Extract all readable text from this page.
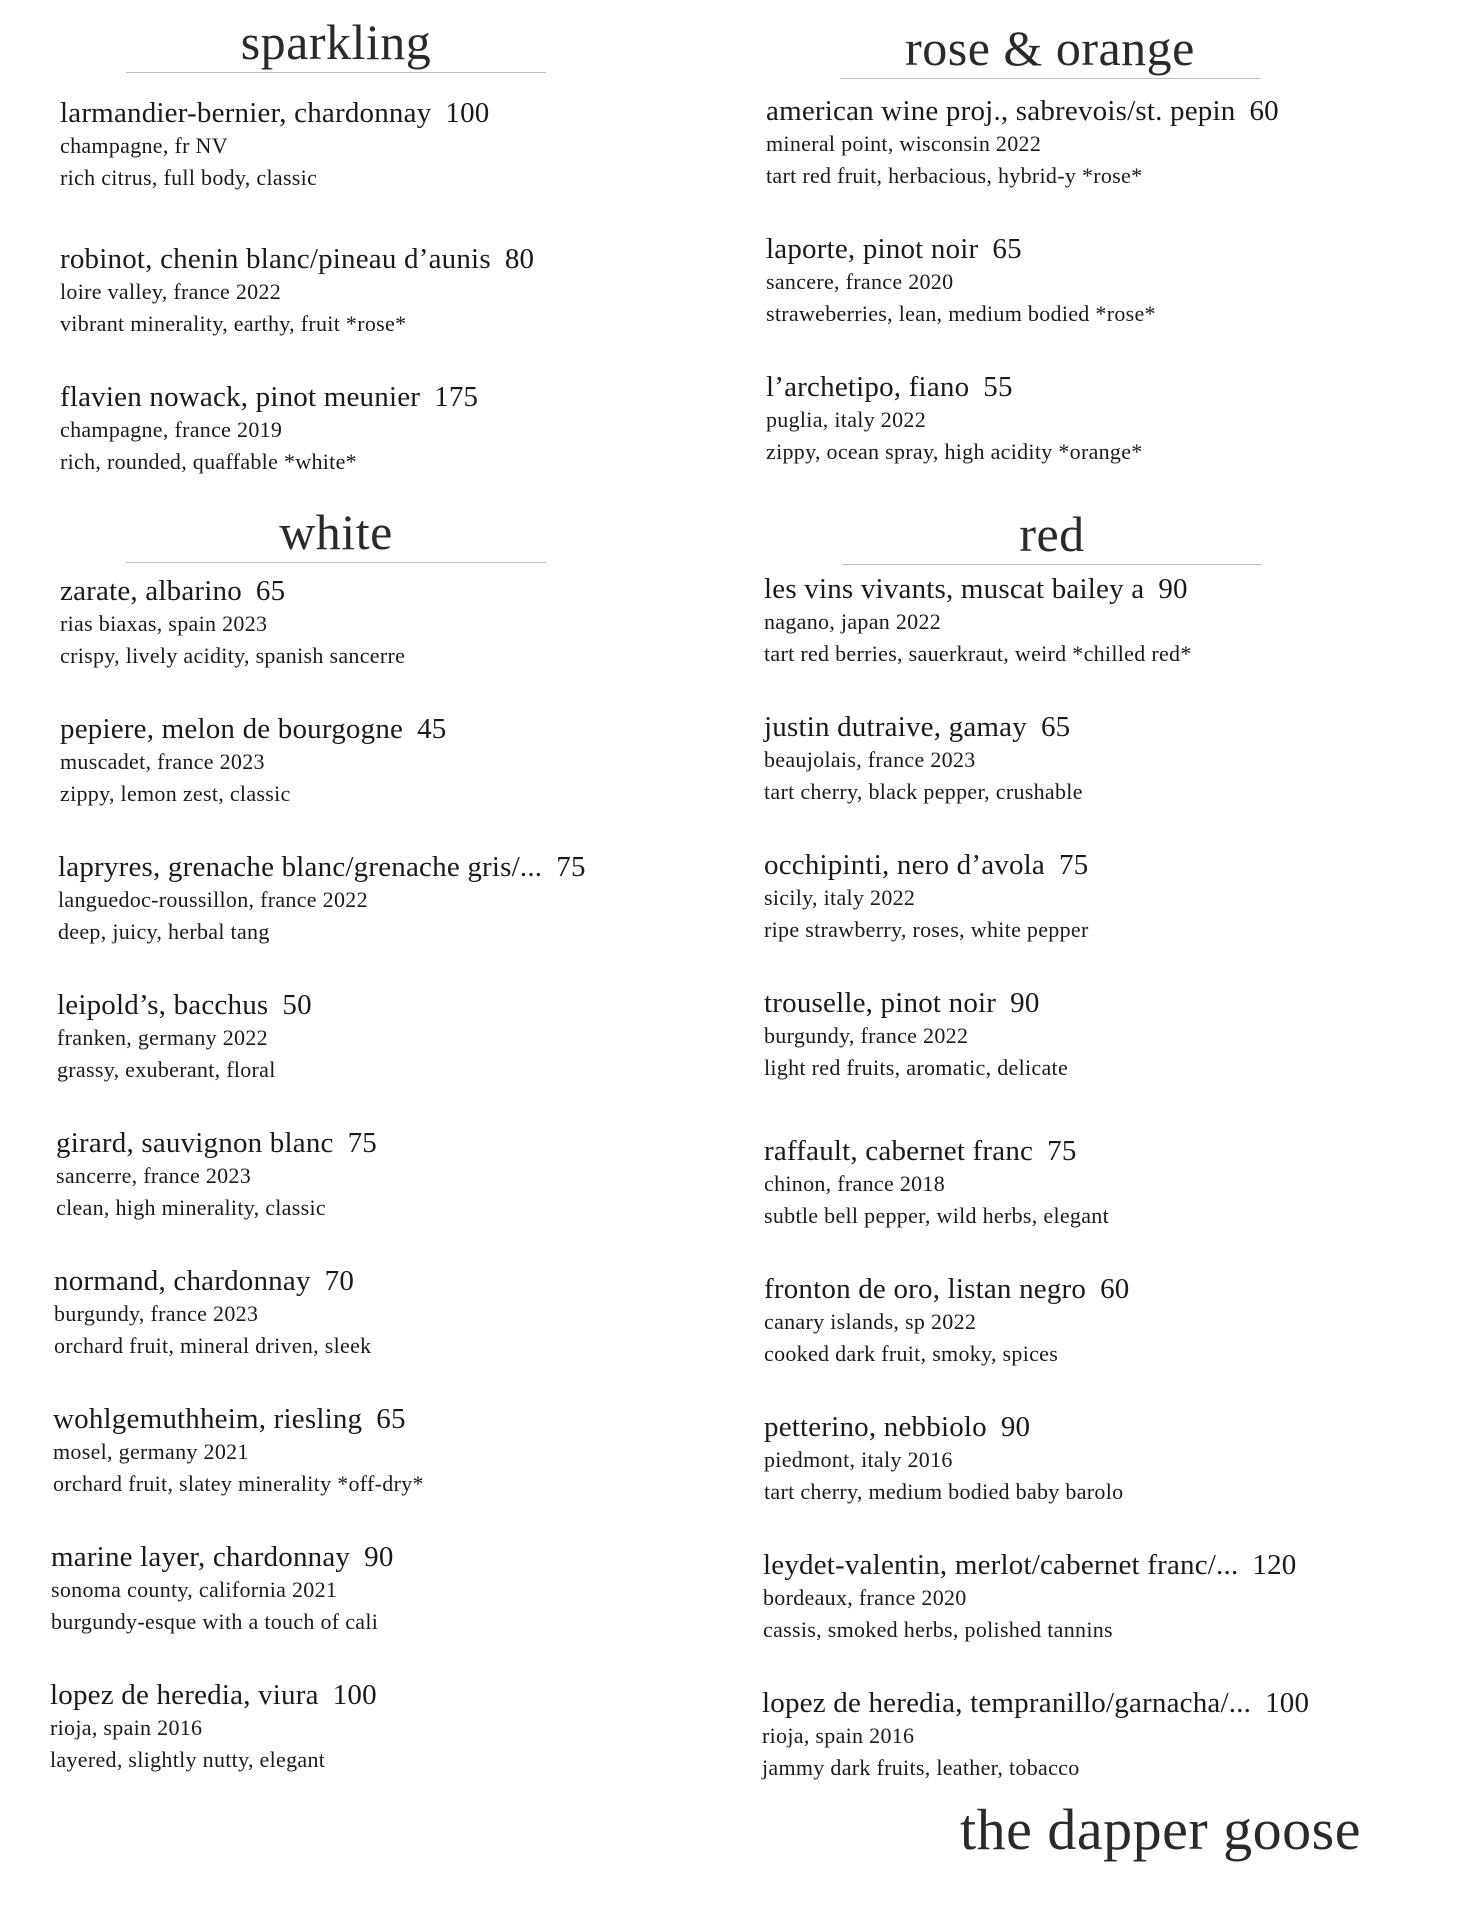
sparkling
larmandier-bernier, chardonnay 100
champagne, fr NV
rich citrus, full body, classic
robinot, chenin blanc/pineau d’aunis 80
loire valley, france 2022
vibrant minerality, earthy, fruit *rose*
flavien nowack, pinot meunier 175
champagne, france 2019
rich, rounded, quaffable *white*
white
zarate, albarino 65
rias biaxas, spain 2023
crispy, lively acidity, spanish sancerre
pepiere, melon de bourgogne 45
muscadet, france 2023
zippy, lemon zest, classic
lapryres, grenache blanc/grenache gris/... 75
languedoc-roussillon, france 2022
deep, juicy, herbal tang
leipold’s, bacchus 50
franken, germany 2022
grassy, exuberant, floral
girard, sauvignon blanc 75
sancerre, france 2023
clean, high minerality, classic
normand, chardonnay 70
burgundy, france 2023
orchard fruit, mineral driven, sleek
wohlgemuthheim, riesling 65
mosel, germany 2021
orchard fruit, slatey minerality *off-dry*
marine layer, chardonnay 90
sonoma county, california 2021
burgundy-esque with a touch of cali
lopez de heredia, viura 100
rioja, spain 2016
layered, slightly nutty, elegant
rose & orange
american wine proj., sabrevois/st. pepin 60
mineral point, wisconsin 2022
tart red fruit, herbacious, hybrid-y *rose*
laporte, pinot noir 65
sancere, france 2020
straweberries, lean, medium bodied *rose*
l’archetipo, fiano 55
puglia, italy 2022
zippy, ocean spray, high acidity *orange*
red
les vins vivants, muscat bailey a 90
nagano, japan 2022
tart red berries, sauerkraut, weird *chilled red*
justin dutraive, gamay 65
beaujolais, france 2023
tart cherry, black pepper, crushable
occhipinti, nero d’avola 75
sicily, italy 2022
ripe strawberry, roses, white pepper
trouselle, pinot noir 90
burgundy, france 2022
light red fruits, aromatic, delicate
raffault, cabernet franc 75
chinon, france 2018
subtle bell pepper, wild herbs, elegant
fronton de oro, listan negro 60
canary islands, sp 2022
cooked dark fruit, smoky, spices
petterino, nebbiolo 90
piedmont, italy 2016
tart cherry, medium bodied baby barolo
leydet-valentin, merlot/cabernet franc/... 120
bordeaux, france 2020
cassis, smoked herbs, polished tannins
lopez de heredia, tempranillo/garnacha/... 100
rioja, spain 2016
jammy dark fruits, leather, tobacco
the dapper goose
